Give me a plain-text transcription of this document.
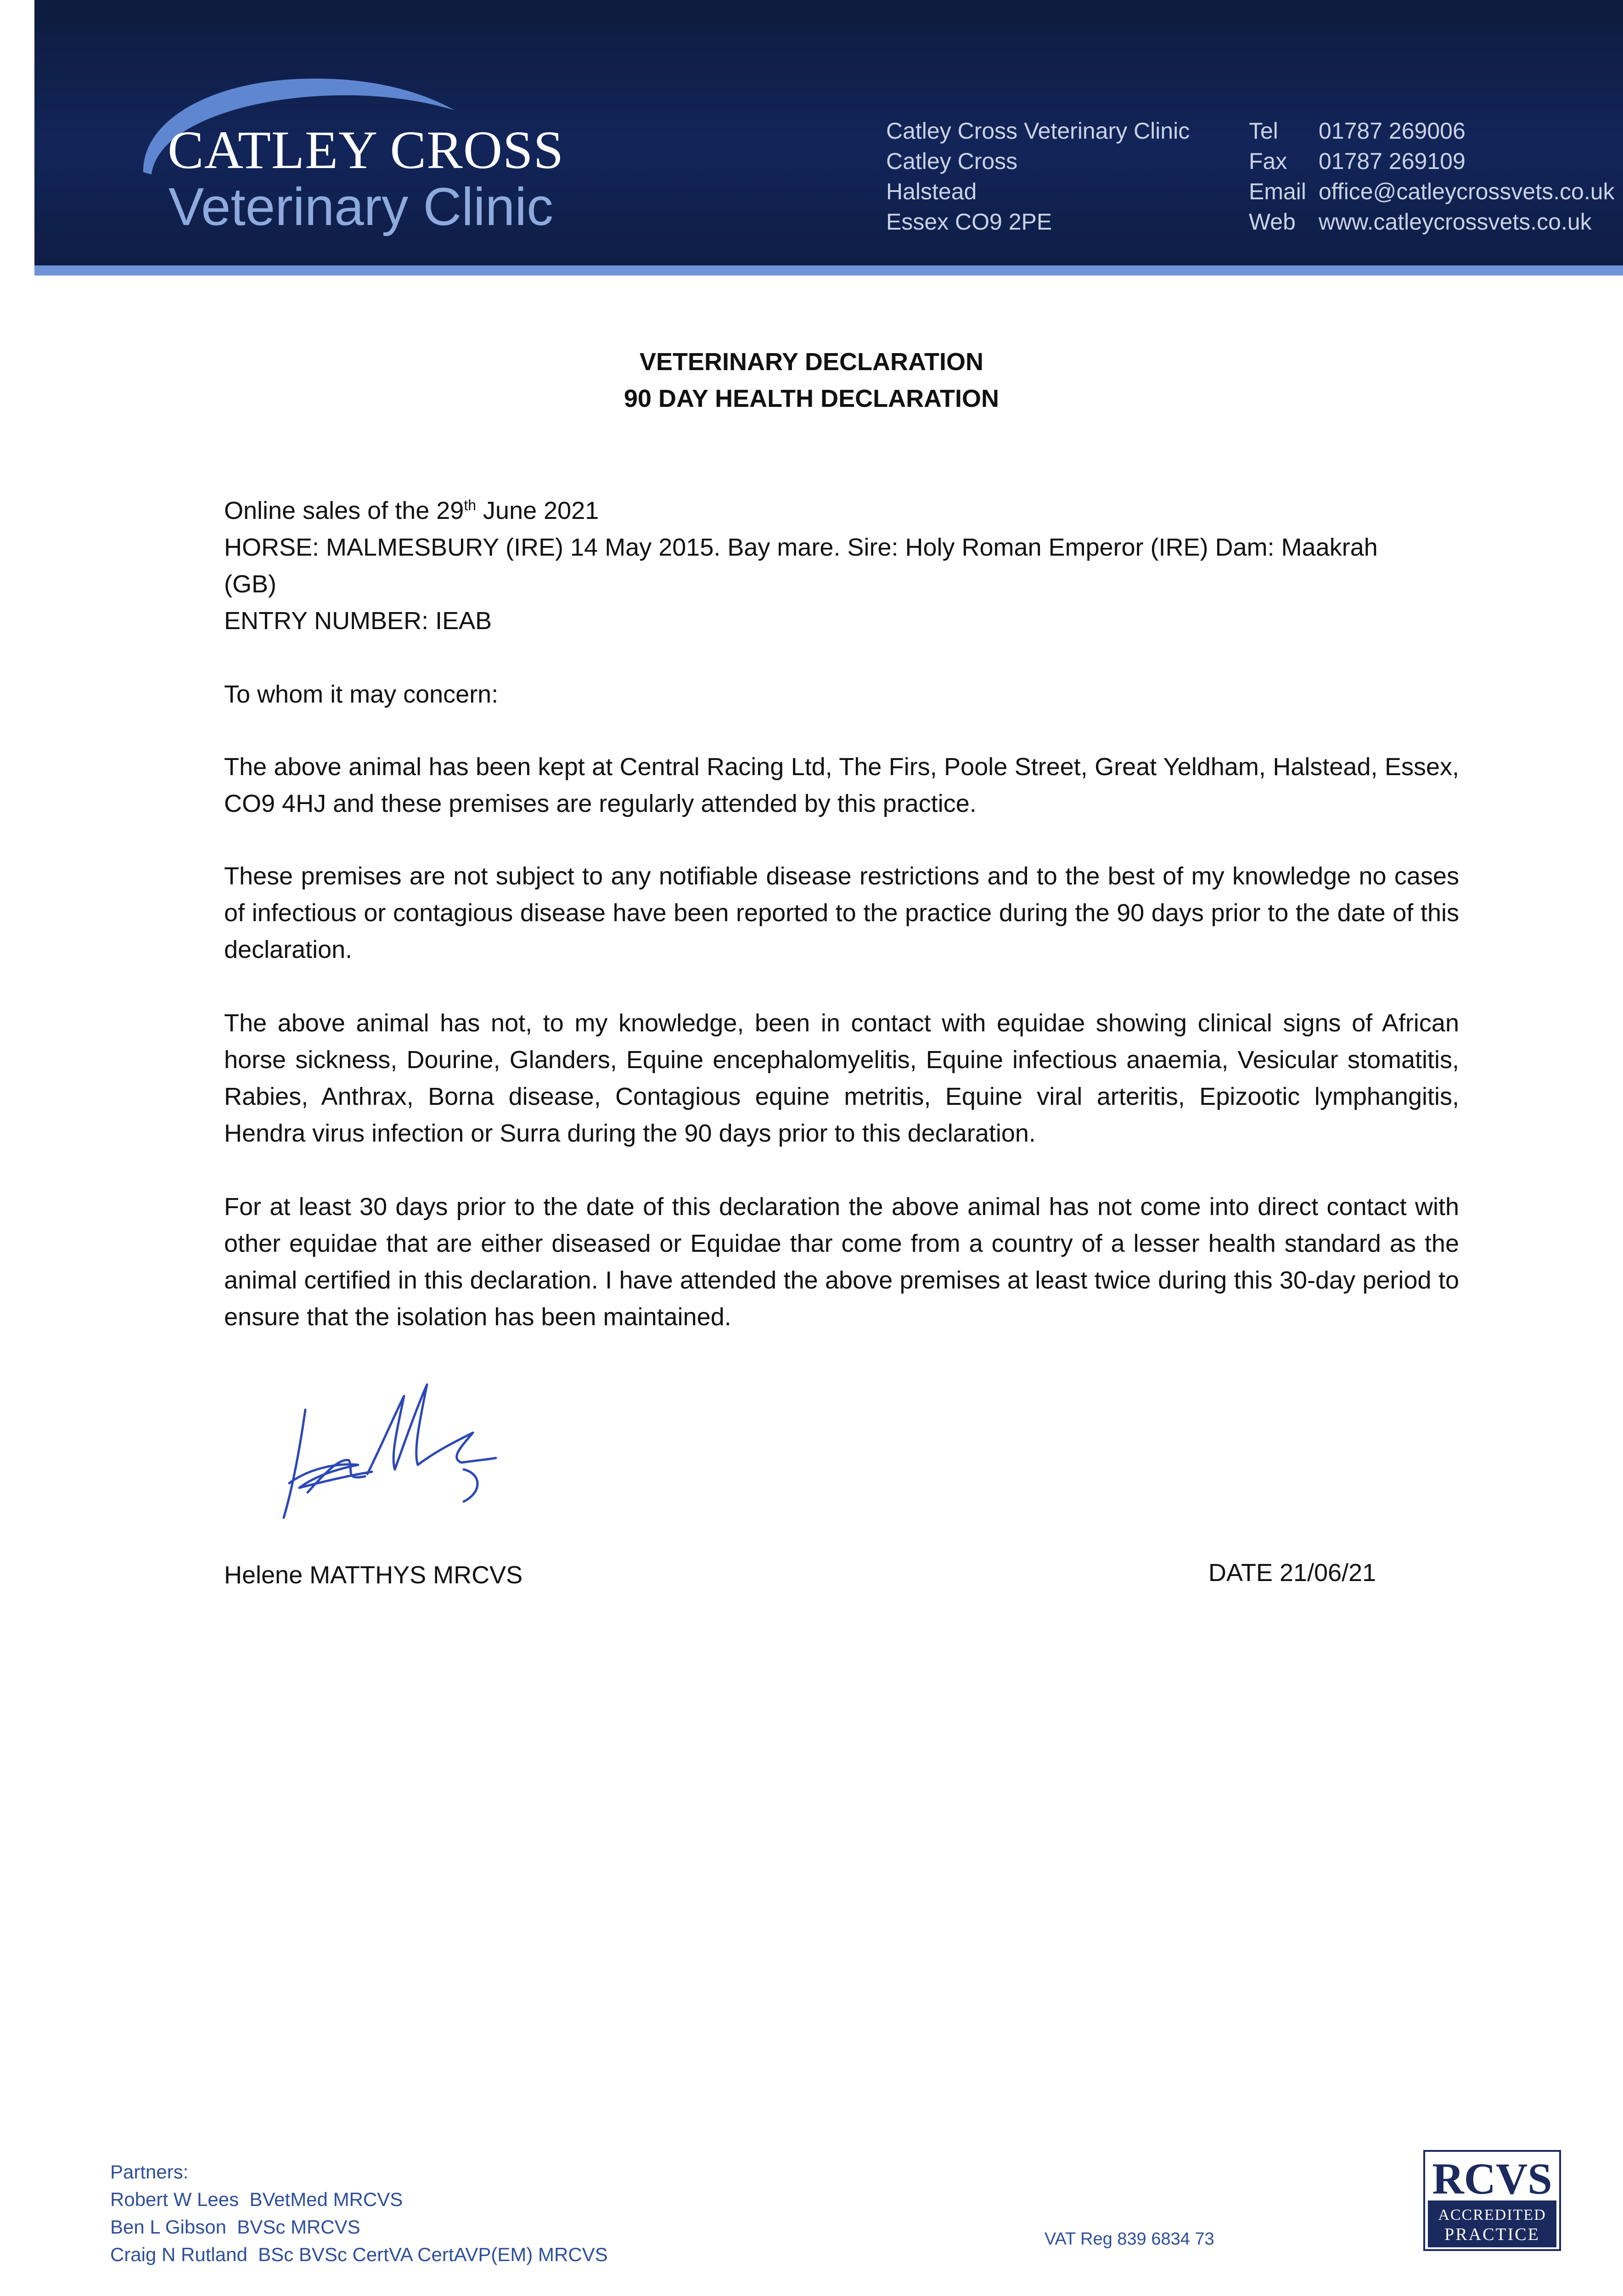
CATLEY CROSS
Veterinary Clinic
Catley Cross Veterinary Clinic
Catley Cross
Halstead
Essex CO9 2PE
Tel	01787 269006
Fax	01787 269109
Email office@catleycrossvets.co.uk
Web	www.catleycrossvets.co.uk
VETERINARY DECLARATION
90 DAY HEALTH DECLARATION
Online sales of the 29th June 2021
HORSE: MALMESBURY (IRE) 14 May 2015. Bay mare. Sire: Holy Roman Emperor (IRE) Dam: Maakrah
(GB)
ENTRY NUMBER: IEAB
To whom it may concern:
The above animal has been kept at Central Racing Ltd, The Firs, Poole Street, Great Yeldham, Halstead, Essex, CO9 4HJ and these premises are regularly attended by this practice.
These premises are not subject to any notifiable disease restrictions and to the best of my knowledge no cases of infectious or contagious disease have been reported to the practice during the 90 days prior to the date of this declaration.
The above animal has not, to my knowledge, been in contact with equidae showing clinical signs of African horse sickness, Dourine, Glanders, Equine encephalomyelitis, Equine infectious anaemia, Vesicular stomatitis, Rabies, Anthrax, Borna disease, Contagious equine metritis, Equine viral arteritis, Epizootic lymphangitis, Hendra virus infection or Surra during the 90 days prior to this declaration.
For at least 30 days prior to the date of this declaration the above animal has not come into direct contact with other equidae that are either diseased or Equidae thar come from a country of a lesser health standard as the animal certified in this declaration. I have attended the above premises at least twice during this 30-day period to ensure that the isolation has been maintained.
Helene MATTHYS MRCVS	DATE 21/06/21
Partners:
Robert W Lees  BVetMed MRCVS
Ben L Gibson  BVSc MRCVS
Craig N Rutland  BSc BVSc CertVA CertAVP(EM) MRCVS
VAT Reg 839 6834 73
RCVS
ACCREDITED
PRACTICE
